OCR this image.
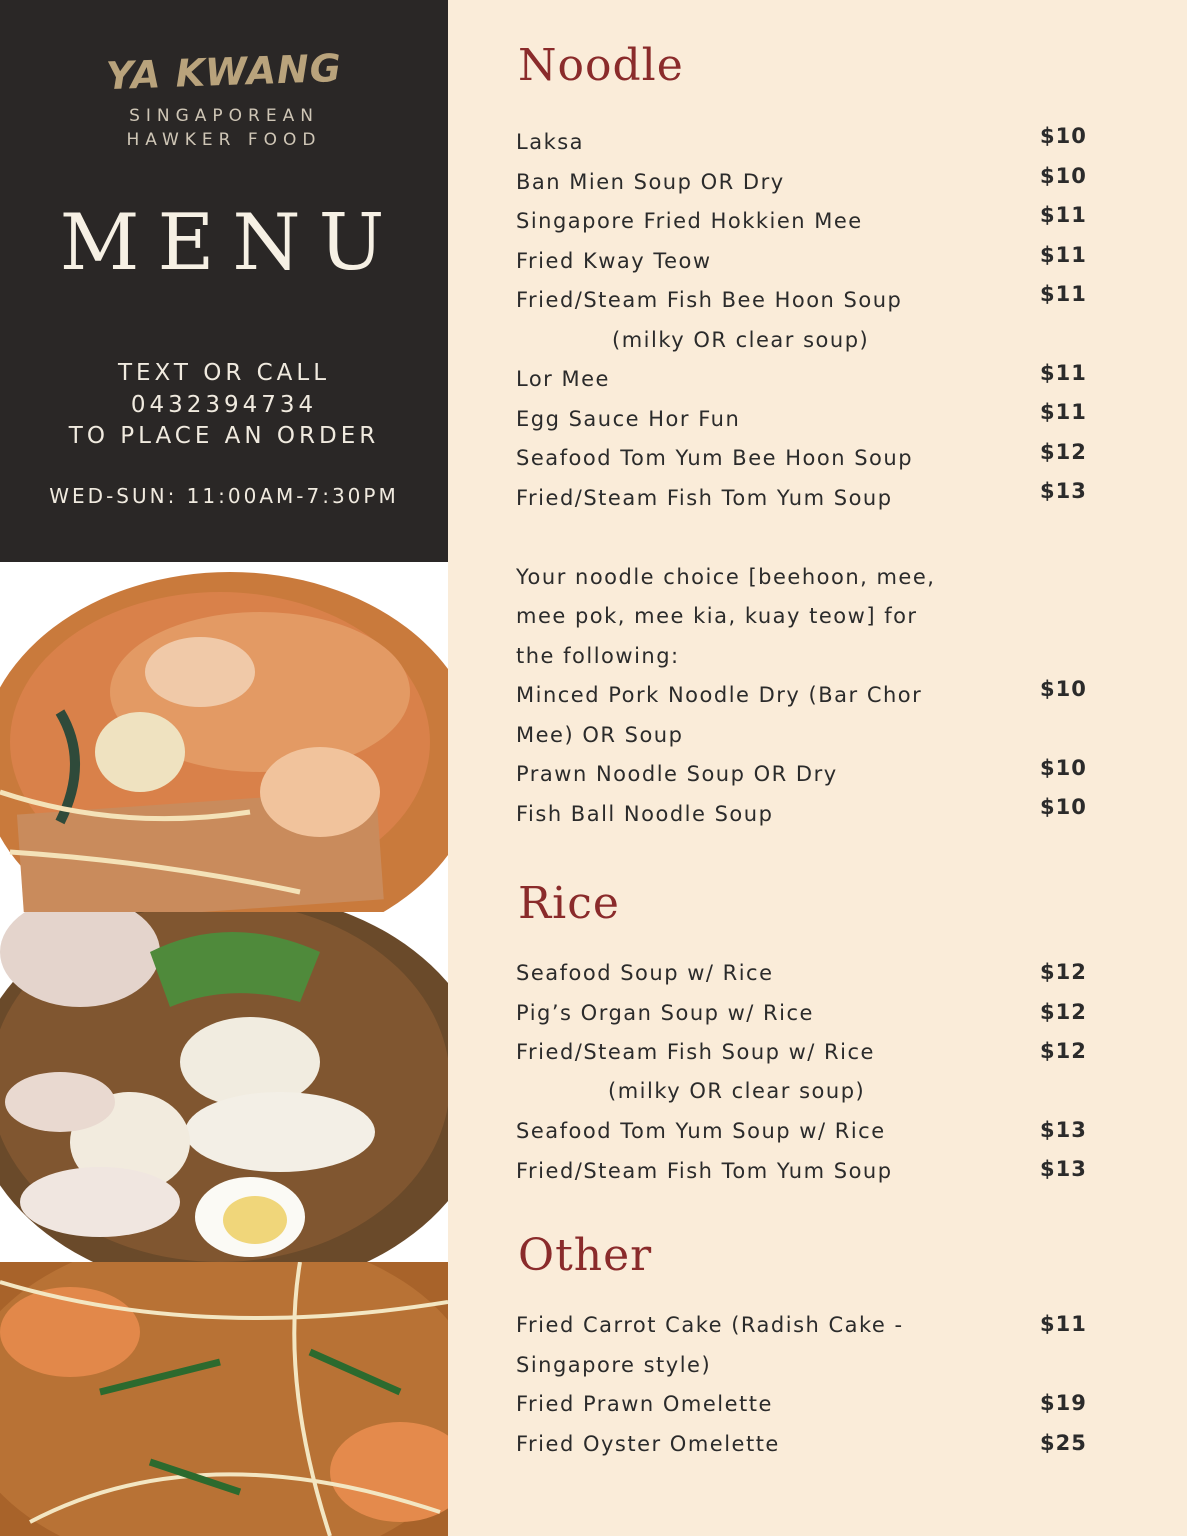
YA KWANG
SINGAPOREAN
HAWKER FOOD
MENU
TEXT OR CALL
0432394734
TO PLACE AN ORDER
WED-SUN: 11:00AM-7:30PM
Noodle
Laksa	$10
Ban Mien Soup OR Dry	$10
Singapore Fried Hokkien Mee	$11
Fried Kway Teow	$11
Fried/Steam Fish Bee Hoon Soup	$11
(milky OR clear soup)
Lor Mee	$11
Egg Sauce Hor Fun	$11
Seafood Tom Yum Bee Hoon Soup	$12
Fried/Steam Fish Tom Yum Soup	$13
Your noodle choice [beehoon, mee,
mee pok, mee kia, kuay teow] for
the following:
Minced Pork Noodle Dry (Bar Chor	$10
Mee) OR Soup
Prawn Noodle Soup OR Dry	$10
Fish Ball Noodle Soup	$10
Rice
Seafood Soup w/ Rice	$12
Pig’s Organ Soup w/ Rice	$12
Fried/Steam Fish Soup w/ Rice	$12
(milky OR clear soup)
Seafood Tom Yum Soup w/ Rice	$13
Fried/Steam Fish Tom Yum Soup	$13
Other
Fried Carrot Cake (Radish Cake -	$11
Singapore style)
Fried Prawn Omelette	$19
Fried Oyster Omelette	$25
